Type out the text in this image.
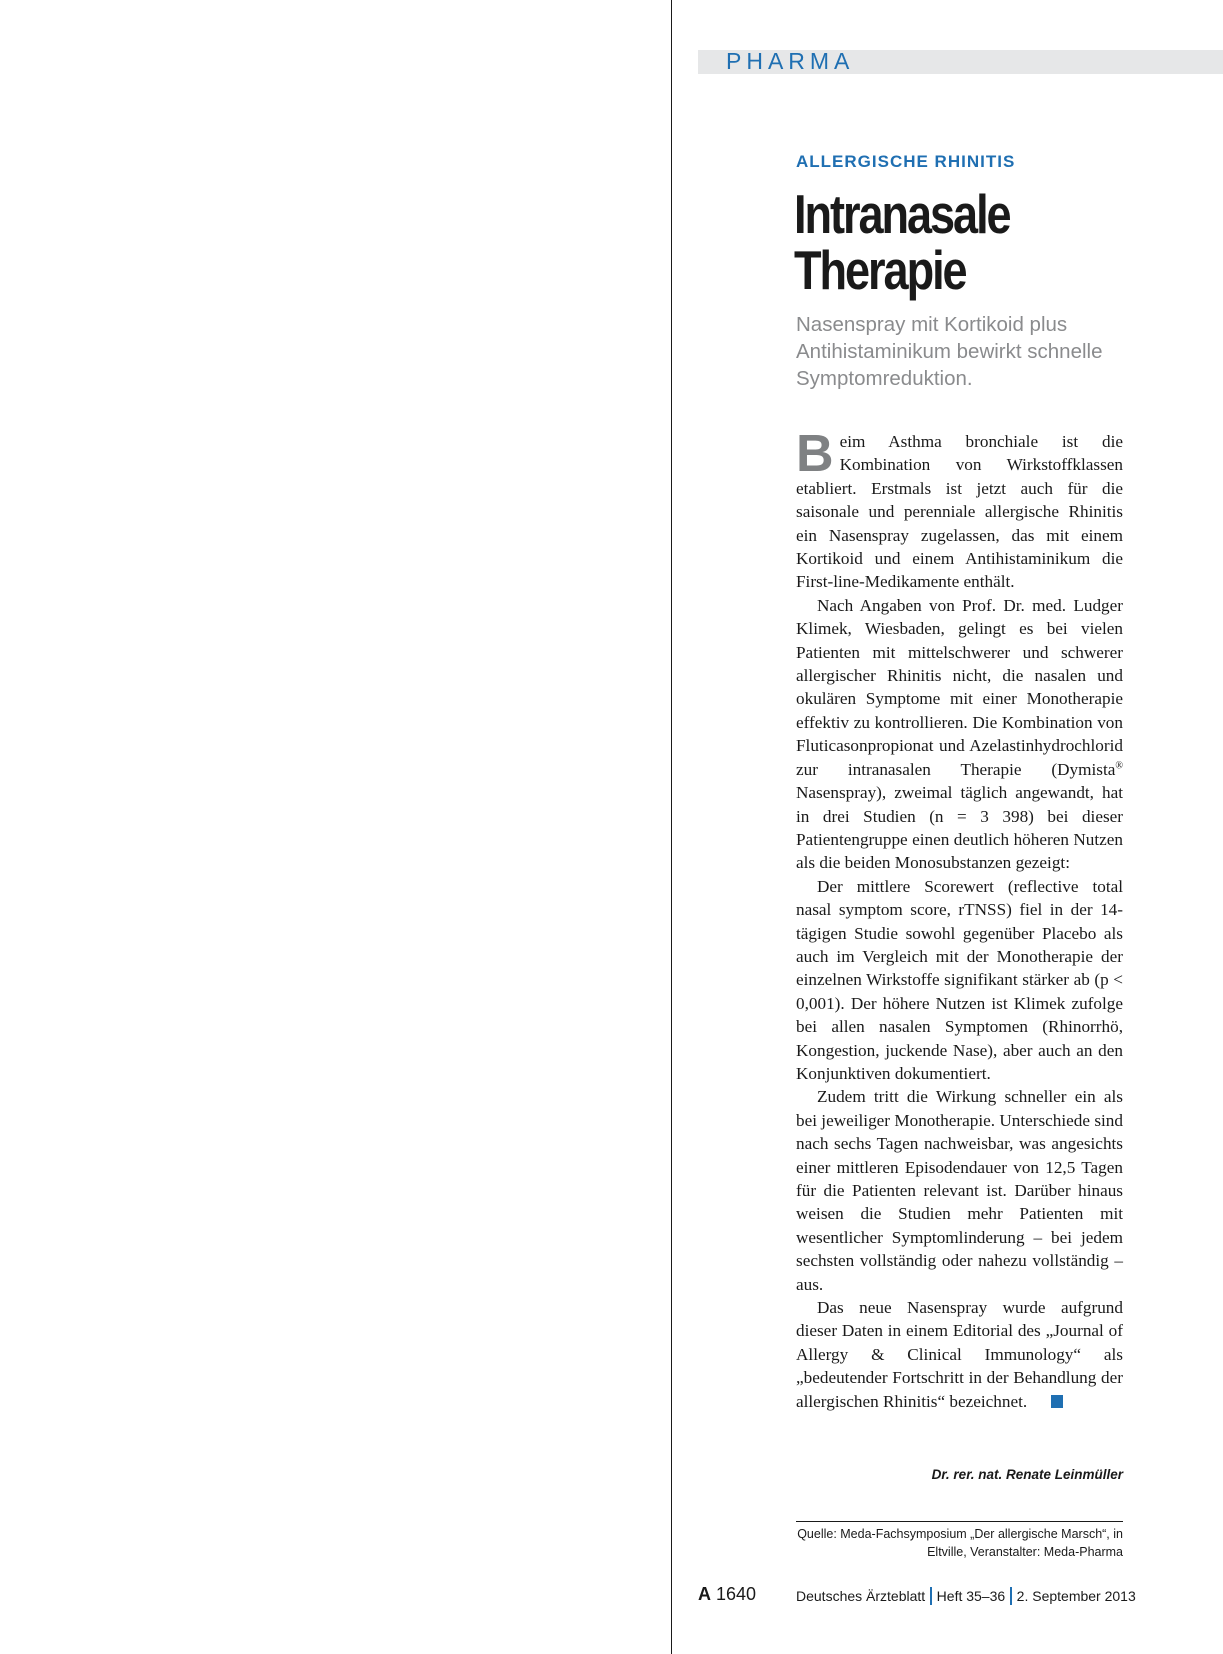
PHARMA
ALLERGISCHE RHINITIS
Intranasale
Therapie
Nasenspray mit Kortikoid plus Antihistaminikum bewirkt schnelle Symptomreduktion.

Beim Asthma bronchiale ist die Kombination von Wirkstoffklassen etabliert. Erstmals ist jetzt auch für die saisonale und perenniale allergische Rhinitis ein Nasenspray zugelassen, das mit einem Kortikoid und einem Antihistaminikum die First-line-Medikamente enthält.

Nach Angaben von Prof. Dr. med. Ludger Klimek, Wiesbaden, gelingt es bei vielen Patienten mit mittelschwerer und schwerer allergischer Rhinitis nicht, die nasalen und okulären Symptome mit einer Monotherapie effektiv zu kontrollieren. Die Kombination von Fluticasonpropionat und Azelastinhydrochlorid zur intranasalen Therapie (Dymista® Nasenspray), zweimal täglich angewandt, hat in drei Studien (n = 3 398) bei dieser Patientengruppe einen deutlich höheren Nutzen als die beiden Monosubstanzen gezeigt:

Der mittlere Scorewert (reflective total nasal symptom score, rTNSS) fiel in der 14-tägigen Studie sowohl gegenüber Placebo als auch im Vergleich mit der Monotherapie der einzelnen Wirkstoffe signifikant stärker ab (p < 0,001). Der höhere Nutzen ist Klimek zufolge bei allen nasalen Symptomen (Rhinorrhö, Kongestion, juckende Nase), aber auch an den Konjunktiven dokumentiert.

Zudem tritt die Wirkung schneller ein als bei jeweiliger Monotherapie. Unterschiede sind nach sechs Tagen nachweisbar, was angesichts einer mittleren Episodendauer von 12,5 Tagen für die Patienten relevant ist. Darüber hinaus weisen die Studien mehr Patienten mit wesentlicher Symptomlinderung – bei jedem sechsten vollständig oder nahezu vollständig – aus.

Das neue Nasenspray wurde aufgrund dieser Daten in einem Editorial des „Journal of Allergy & Clinical Immunology“ als „bedeutender Fortschritt in der Behandlung der allergischen Rhinitis“ bezeichnet.

Dr. rer. nat. Renate Leinmüller
Quelle: Meda-Fachsymposium „Der allergische Marsch“, in Eltville, Veranstalter: Meda-Pharma
A 1640	Deutsches Ärzteblatt Heft 35–36 2. September 2013
